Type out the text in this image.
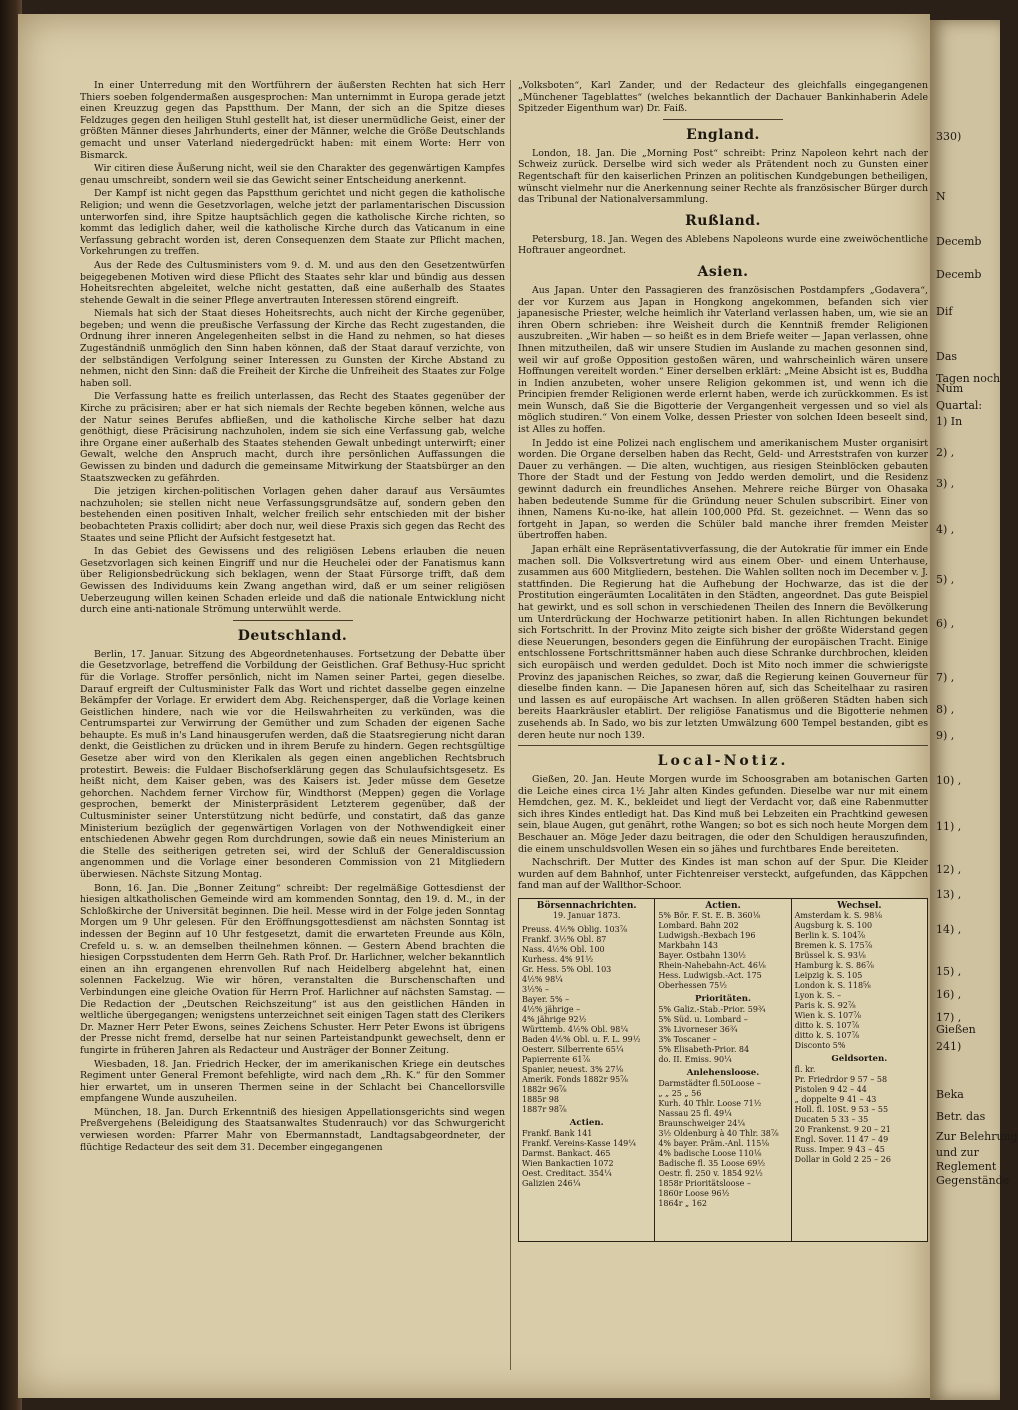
In einer Unterredung mit den Wortführern der äußersten Rechten hat sich Herr Thiers soeben folgendermaßen ausgesprochen: Man unternimmt in Europa gerade jetzt einen Kreuzzug gegen das Papstthum. Der Mann, der sich an die Spitze dieses Feldzuges gegen den heiligen Stuhl gestellt hat, ist dieser unermüdliche Geist, einer der größten Männer dieses Jahrhunderts, einer der Männer, welche die Größe Deutschlands gemacht und unser Vaterland niedergedrückt haben: mit einem Worte: Herr von Bismarck.

Wir citiren diese Äußerung nicht, weil sie den Charakter des gegenwärtigen Kampfes genau umschreibt, sondern weil sie das Gewicht seiner Entscheidung anerkennt.

Der Kampf ist nicht gegen das Papstthum gerichtet und nicht gegen die katholische Religion; und wenn die Gesetzvorlagen, welche jetzt der parlamentarischen Discussion unterworfen sind, ihre Spitze hauptsächlich gegen die katholische Kirche richten, so kommt das lediglich daher, weil die katholische Kirche durch das Vaticanum in eine Verfassung gebracht worden ist, deren Consequenzen dem Staate zur Pflicht machen, Vorkehrungen zu treffen.

Aus der Rede des Cultusministers vom 9. d. M. und aus den den Gesetzentwürfen beigegebenen Motiven wird diese Pflicht des Staates sehr klar und bündig aus dessen Hoheitsrechten abgeleitet, welche nicht gestatten, daß eine außerhalb des Staates stehende Gewalt in die seiner Pflege anvertrauten Interessen störend eingreift.

Niemals hat sich der Staat dieses Hoheitsrechts, auch nicht der Kirche gegenüber, begeben; und wenn die preußische Verfassung der Kirche das Recht zugestanden, die Ordnung ihrer inneren Angelegenheiten selbst in die Hand zu nehmen, so hat dieses Zugeständniß unmöglich den Sinn haben können, daß der Staat darauf verzichte, von der selbständigen Verfolgung seiner Interessen zu Gunsten der Kirche Abstand zu nehmen, nicht den Sinn: daß die Freiheit der Kirche die Unfreiheit des Staates zur Folge haben soll.

Die Verfassung hatte es freilich unterlassen, das Recht des Staates gegenüber der Kirche zu präcisiren; aber er hat sich niemals der Rechte begeben können, welche aus der Natur seines Berufes abfließen, und die katholische Kirche selber hat dazu genöthigt, diese Präcisirung nachzuholen, indem sie sich eine Verfassung gab, welche ihre Organe einer außerhalb des Staates stehenden Gewalt unbedingt unterwirft; einer Gewalt, welche den Anspruch macht, durch ihre persönlichen Auffassungen die Gewissen zu binden und dadurch die gemeinsame Mitwirkung der Staatsbürger an den Staatszwecken zu gefährden.

Die jetzigen kirchen-politischen Vorlagen gehen daher darauf aus Versäumtes nachzuholen; sie stellen nicht neue Verfassungsgrundsätze auf, sondern geben den bestehenden einen positiven Inhalt, welcher freilich sehr entschieden mit der bisher beobachteten Praxis collidirt; aber doch nur, weil diese Praxis sich gegen das Recht des Staates und seine Pflicht der Aufsicht festgesetzt hat.

In das Gebiet des Gewissens und des religiösen Lebens erlauben die neuen Gesetzvorlagen sich keinen Eingriff und nur die Heuchelei oder der Fanatismus kann über Religionsbedrückung sich beklagen, wenn der Staat Fürsorge trifft, daß dem Gewissen des Individuums kein Zwang angethan wird, daß er um seiner religiösen Ueberzeugung willen keinen Schaden erleide und daß die nationale Entwicklung nicht durch eine anti-nationale Strömung unterwühlt werde.

Deutschland.

Berlin, 17. Januar. Sitzung des Abgeordnetenhauses. Fortsetzung der Debatte über die Gesetzvorlage, betreffend die Vorbildung der Geistlichen. Graf Bethusy-Huc spricht für die Vorlage. Stroffer persönlich, nicht im Namen seiner Partei, gegen dieselbe. Darauf ergreift der Cultusminister Falk das Wort und richtet dasselbe gegen einzelne Bekämpfer der Vorlage. Er erwidert dem Abg. Reichensperger, daß die Vorlage keinen Geistlichen hindere, nach wie vor die Heilswahrheiten zu verkünden, was die Centrumspartei zur Verwirrung der Gemüther und zum Schaden der eigenen Sache behaupte. Es muß in's Land hinausgerufen werden, daß die Staatsregierung nicht daran denkt, die Geistlichen zu drücken und in ihrem Berufe zu hindern. Gegen rechtsgültige Gesetze aber wird von den Klerikalen als gegen einen angeblichen Rechtsbruch protestirt. Beweis: die Fuldaer Bischofserklärung gegen das Schulaufsichtsgesetz. Es heißt nicht, dem Kaiser geben, was des Kaisers ist. Jeder müsse dem Gesetze gehorchen. Nachdem ferner Virchow für, Windthorst (Meppen) gegen die Vorlage gesprochen, bemerkt der Ministerpräsident Letzterem gegenüber, daß der Cultusminister seiner Unterstützung nicht bedürfe, und constatirt, daß das ganze Ministerium bezüglich der gegenwärtigen Vorlagen von der Nothwendigkeit einer entschiedenen Abwehr gegen Rom durchdrungen, sowie daß ein neues Ministerium an die Stelle des seitherigen getreten sei, wird der Schluß der Generaldiscussion angenommen und die Vorlage einer besonderen Commission von 21 Mitgliedern überwiesen. Nächste Sitzung Montag.

Bonn, 16. Jan. Die „Bonner Zeitung“ schreibt: Der regelmäßige Gottesdienst der hiesigen altkatholischen Gemeinde wird am kommenden Sonntag, den 19. d. M., in der Schloßkirche der Universität beginnen. Die heil. Messe wird in der Folge jeden Sonntag Morgen um 9 Uhr gelesen. Für den Eröffnungsgottesdienst am nächsten Sonntag ist indessen der Beginn auf 10 Uhr festgesetzt, damit die erwarteten Freunde aus Köln, Crefeld u. s. w. an demselben theilnehmen können. — Gestern Abend brachten die hiesigen Corpsstudenten dem Herrn Geh. Rath Prof. Dr. Harlichner, welcher bekanntlich einen an ihn ergangenen ehrenvollen Ruf nach Heidelberg abgelehnt hat, einen solennen Fackelzug. Wie wir hören, veranstalten die Burschenschaften und Verbindungen eine gleiche Ovation für Herrn Prof. Harlichner auf nächsten Samstag. — Die Redaction der „Deutschen Reichszeitung“ ist aus den geistlichen Händen in weltliche übergegangen; wenigstens unterzeichnet seit einigen Tagen statt des Clerikers Dr. Mazner Herr Peter Ewons, seines Zeichens Schuster. Herr Peter Ewons ist übrigens der Presse nicht fremd, derselbe hat nur seinen Parteistandpunkt gewechselt, denn er fungirte in früheren Jahren als Redacteur und Austräger der Bonner Zeitung.

Wiesbaden, 18. Jan. Friedrich Hecker, der im amerikanischen Kriege ein deutsches Regiment unter General Fremont befehligte, wird nach dem „Rh. K.“ für den Sommer hier erwartet, um in unseren Thermen seine in der Schlacht bei Chancellorsville empfangene Wunde auszuheilen.

München, 18. Jan. Durch Erkenntniß des hiesigen Appellationsgerichts sind wegen Preßvergehens (Beleidigung des Staatsanwaltes Studenrauch) vor das Schwurgericht verwiesen worden: Pfarrer Mahr von Ebermannstadt, Landtagsabgeordneter, der flüchtige Redacteur des seit dem 31. December eingegangenen

„Volksboten“, Karl Zander, und der Redacteur des gleichfalls eingegangenen „Münchener Tageblattes“ (welches bekanntlich der Dachauer Bankinhaberin Adele Spitzeder Eigenthum war) Dr. Faiß.

England.

London, 18. Jan. Die „Morning Post“ schreibt: Prinz Napoleon kehrt nach der Schweiz zurück. Derselbe wird sich weder als Prätendent noch zu Gunsten einer Regentschaft für den kaiserlichen Prinzen an politischen Kundgebungen betheiligen, wünscht vielmehr nur die Anerkennung seiner Rechte als französischer Bürger durch das Tribunal der Nationalversammlung.

Rußland.

Petersburg, 18. Jan. Wegen des Ablebens Napoleons wurde eine zweiwöchentliche Hoftrauer angeordnet.

Asien.

Aus Japan. Unter den Passagieren des französischen Postdampfers „Godavera“, der vor Kurzem aus Japan in Hongkong angekommen, befanden sich vier japanesische Priester, welche heimlich ihr Vaterland verlassen haben, um, wie sie an ihren Obern schrieben: ihre Weisheit durch die Kenntniß fremder Religionen auszubreiten. „Wir haben — so heißt es in dem Briefe weiter — Japan verlassen, ohne Ihnen mitzutheilen, daß wir unsere Studien im Auslande zu machen gesonnen sind, weil wir auf große Opposition gestoßen wären, und wahrscheinlich wären unsere Hoffnungen vereitelt worden.“ Einer derselben erklärt: „Meine Absicht ist es, Buddha in Indien anzubeten, woher unsere Religion gekommen ist, und wenn ich die Principien fremder Religionen werde erlernt haben, werde ich zurückkommen. Es ist mein Wunsch, daß Sie die Bigotterie der Vergangenheit vergessen und so viel als möglich studiren.“ Von einem Volke, dessen Priester von solchen Ideen beseelt sind, ist Alles zu hoffen.

In Jeddo ist eine Polizei nach englischem und amerikanischem Muster organisirt worden. Die Organe derselben haben das Recht, Geld- und Arreststrafen von kurzer Dauer zu verhängen. — Die alten, wuchtigen, aus riesigen Steinblöcken gebauten Thore der Stadt und der Festung von Jeddo werden demolirt, und die Residenz gewinnt dadurch ein freundliches Ansehen. Mehrere reiche Bürger von Ohasaka haben bedeutende Summe für die Gründung neuer Schulen subscribirt. Einer von ihnen, Namens Ku-no-ike, hat allein 100,000 Pfd. St. gezeichnet. — Wenn das so fortgeht in Japan, so werden die Schüler bald manche ihrer fremden Meister übertroffen haben.

Japan erhält eine Repräsentativverfassung, die der Autokratie für immer ein Ende machen soll. Die Volksvertretung wird aus einem Ober- und einem Unterhause, zusammen aus 600 Mitgliedern, bestehen. Die Wahlen sollten noch im December v. J. stattfinden. Die Regierung hat die Aufhebung der Hochwarze, das ist die der Prostitution eingeräumten Localitäten in den Städten, angeordnet. Das gute Beispiel hat gewirkt, und es soll schon in verschiedenen Theilen des Innern die Bevölkerung um Unterdrückung der Hochwarze petitionirt haben. In allen Richtungen bekundet sich Fortschritt. In der Provinz Mito zeigte sich bisher der größte Widerstand gegen diese Neuerungen, besonders gegen die Einführung der europäischen Tracht. Einige entschlossene Fortschrittsmänner haben auch diese Schranke durchbrochen, kleiden sich europäisch und werden geduldet. Doch ist Mito noch immer die schwierigste Provinz des japanischen Reiches, so zwar, daß die Regierung keinen Gouverneur für dieselbe finden kann. — Die Japanesen hören auf, sich das Scheitelhaar zu rasiren und lassen es auf europäische Art wachsen. In allen größeren Städten haben sich bereits Haarkräusler etablirt. Der religiöse Fanatismus und die Bigotterie nehmen zusehends ab. In Sado, wo bis zur letzten Umwälzung 600 Tempel bestanden, gibt es deren heute nur noch 139.

Local-Notiz.

Gießen, 20. Jan. Heute Morgen wurde im Schoosgraben am botanischen Garten die Leiche eines circa 1½ Jahr alten Kindes gefunden. Dieselbe war nur mit einem Hemdchen, gez. M. K., bekleidet und liegt der Verdacht vor, daß eine Rabenmutter sich ihres Kindes entledigt hat. Das Kind muß bei Lebzeiten ein Prachtkind gewesen sein, blaue Augen, gut genährt, rothe Wangen; so bot es sich noch heute Morgen dem Beschauer an. Möge Jeder dazu beitragen, die oder den Schuldigen herauszufinden, die einem unschuldsvollen Wesen ein so jähes und furchtbares Ende bereiteten.

Nachschrift. Der Mutter des Kindes ist man schon auf der Spur. Die Kleider wurden auf dem Bahnhof, unter Fichtenreiser versteckt, aufgefunden, das Käppchen fand man auf der Wallthor-Schoor.

Börsennachrichten.
19. Januar 1873.
Preuss. 4½% Oblig. 103⅞
Frankf. 3½% Obl. 87
Nass. 4½% Obl. 100
Kurhess. 4% 91½
Gr. Hess. 5% Obl. 103
4½% 98¼
3½% –
Bayer. 5% –
4½% jährige –
4% jährige 92½
Württemb. 4½% Obl. 98¼
Baden 4½% Obl. u. F. L. 99½
Oesterr. Silberrente 65¼
Papierrente 61⅞
Spanier, neuest. 3% 27⅛
Amerik. Fonds 1882r 95⅞
1882r 96⅞
1885r 98
1887r 98⅞
Actien.
Frankf. Bank 141
Frankf. Vereins-Kasse 149¼
Darmst. Bankact. 465
Wien Bankactien 1072
Oest. Creditact. 354¼
Galizien 246¼
Actien.
5% Bör. F. St. E. B. 360⅛
Lombard. Bahn 202
Ludwigsh.-Bexbach 196
Markbahn 143
Bayer. Ostbahn 130½
Rhein-Nahebahn-Act. 46⅛
Hess. Ludwigsb.-Act. 175
Oberhessen 75½
Prioritäten.
5% Galiz.-Stab.-Prior. 59¾
5% Süd. u. Lombard –
3% Livorneser 36¾
3% Toscaner –
5% Elisabeth-Prior. 84
do. II. Emiss. 90¼
Anlehensloose.
Darmstädter fl.50Loose –
„ „ 25 „ 56
Kurh. 40 Thlr. Loose 71½
Nassau 25 fl. 49¼
Braunschweiger 24¼
3½ Oldenburg à 40 Thlr. 38⅞
4% bayer. Präm.-Anl. 115⅛
4% badische Loose 110⅛
Badische fl. 35 Loose 69½
Oestr. fl. 250 v. 1854 92½
1858r Prioritätsloose –
1860r Loose 96½
1864r „ 162
Wechsel.
Amsterdam k. S. 98⅛
Augsburg k. S. 100
Berlin k. S. 104⅞
Bremen k. S. 175⅞
Brüssel k. S. 93⅛
Hamburg k. S. 86⅞
Leipzig k. S. 105
London k. S. 118⅝
Lyon k. S. –
Paris k. S. 92⅞
Wien k. S. 107⅞
ditto k. S. 107⅞
ditto k. S. 107⅞
Disconto 5%
Geldsorten.
fl. kr.
Pr. Friedrdor 9 57 – 58
Pistolen 9 42 – 44
„ doppelte 9 41 – 43
Holl. fl. 10St. 9 53 – 55
Ducaten 5 33 – 35
20 Frankenst. 9 20 – 21
Engl. Sover. 11 47 – 49
Russ. Imper. 9 43 – 45
Dollar in Gold 2 25 – 26
330)
N
Decemb
Decemb
Dif
Das
Tagen noch
Num
Quartal:
1) In
2) ,
3) ,
4) ,
5) ,
6) ,
7) ,
8) ,
9) ,
10) ,
11) ,
12) ,
13) ,
14) ,
15) ,
16) ,
17) ,
Gießen
241)
Beka
Betr. das
Zur Belehrung
und zur
Reglement
Gegenstände
